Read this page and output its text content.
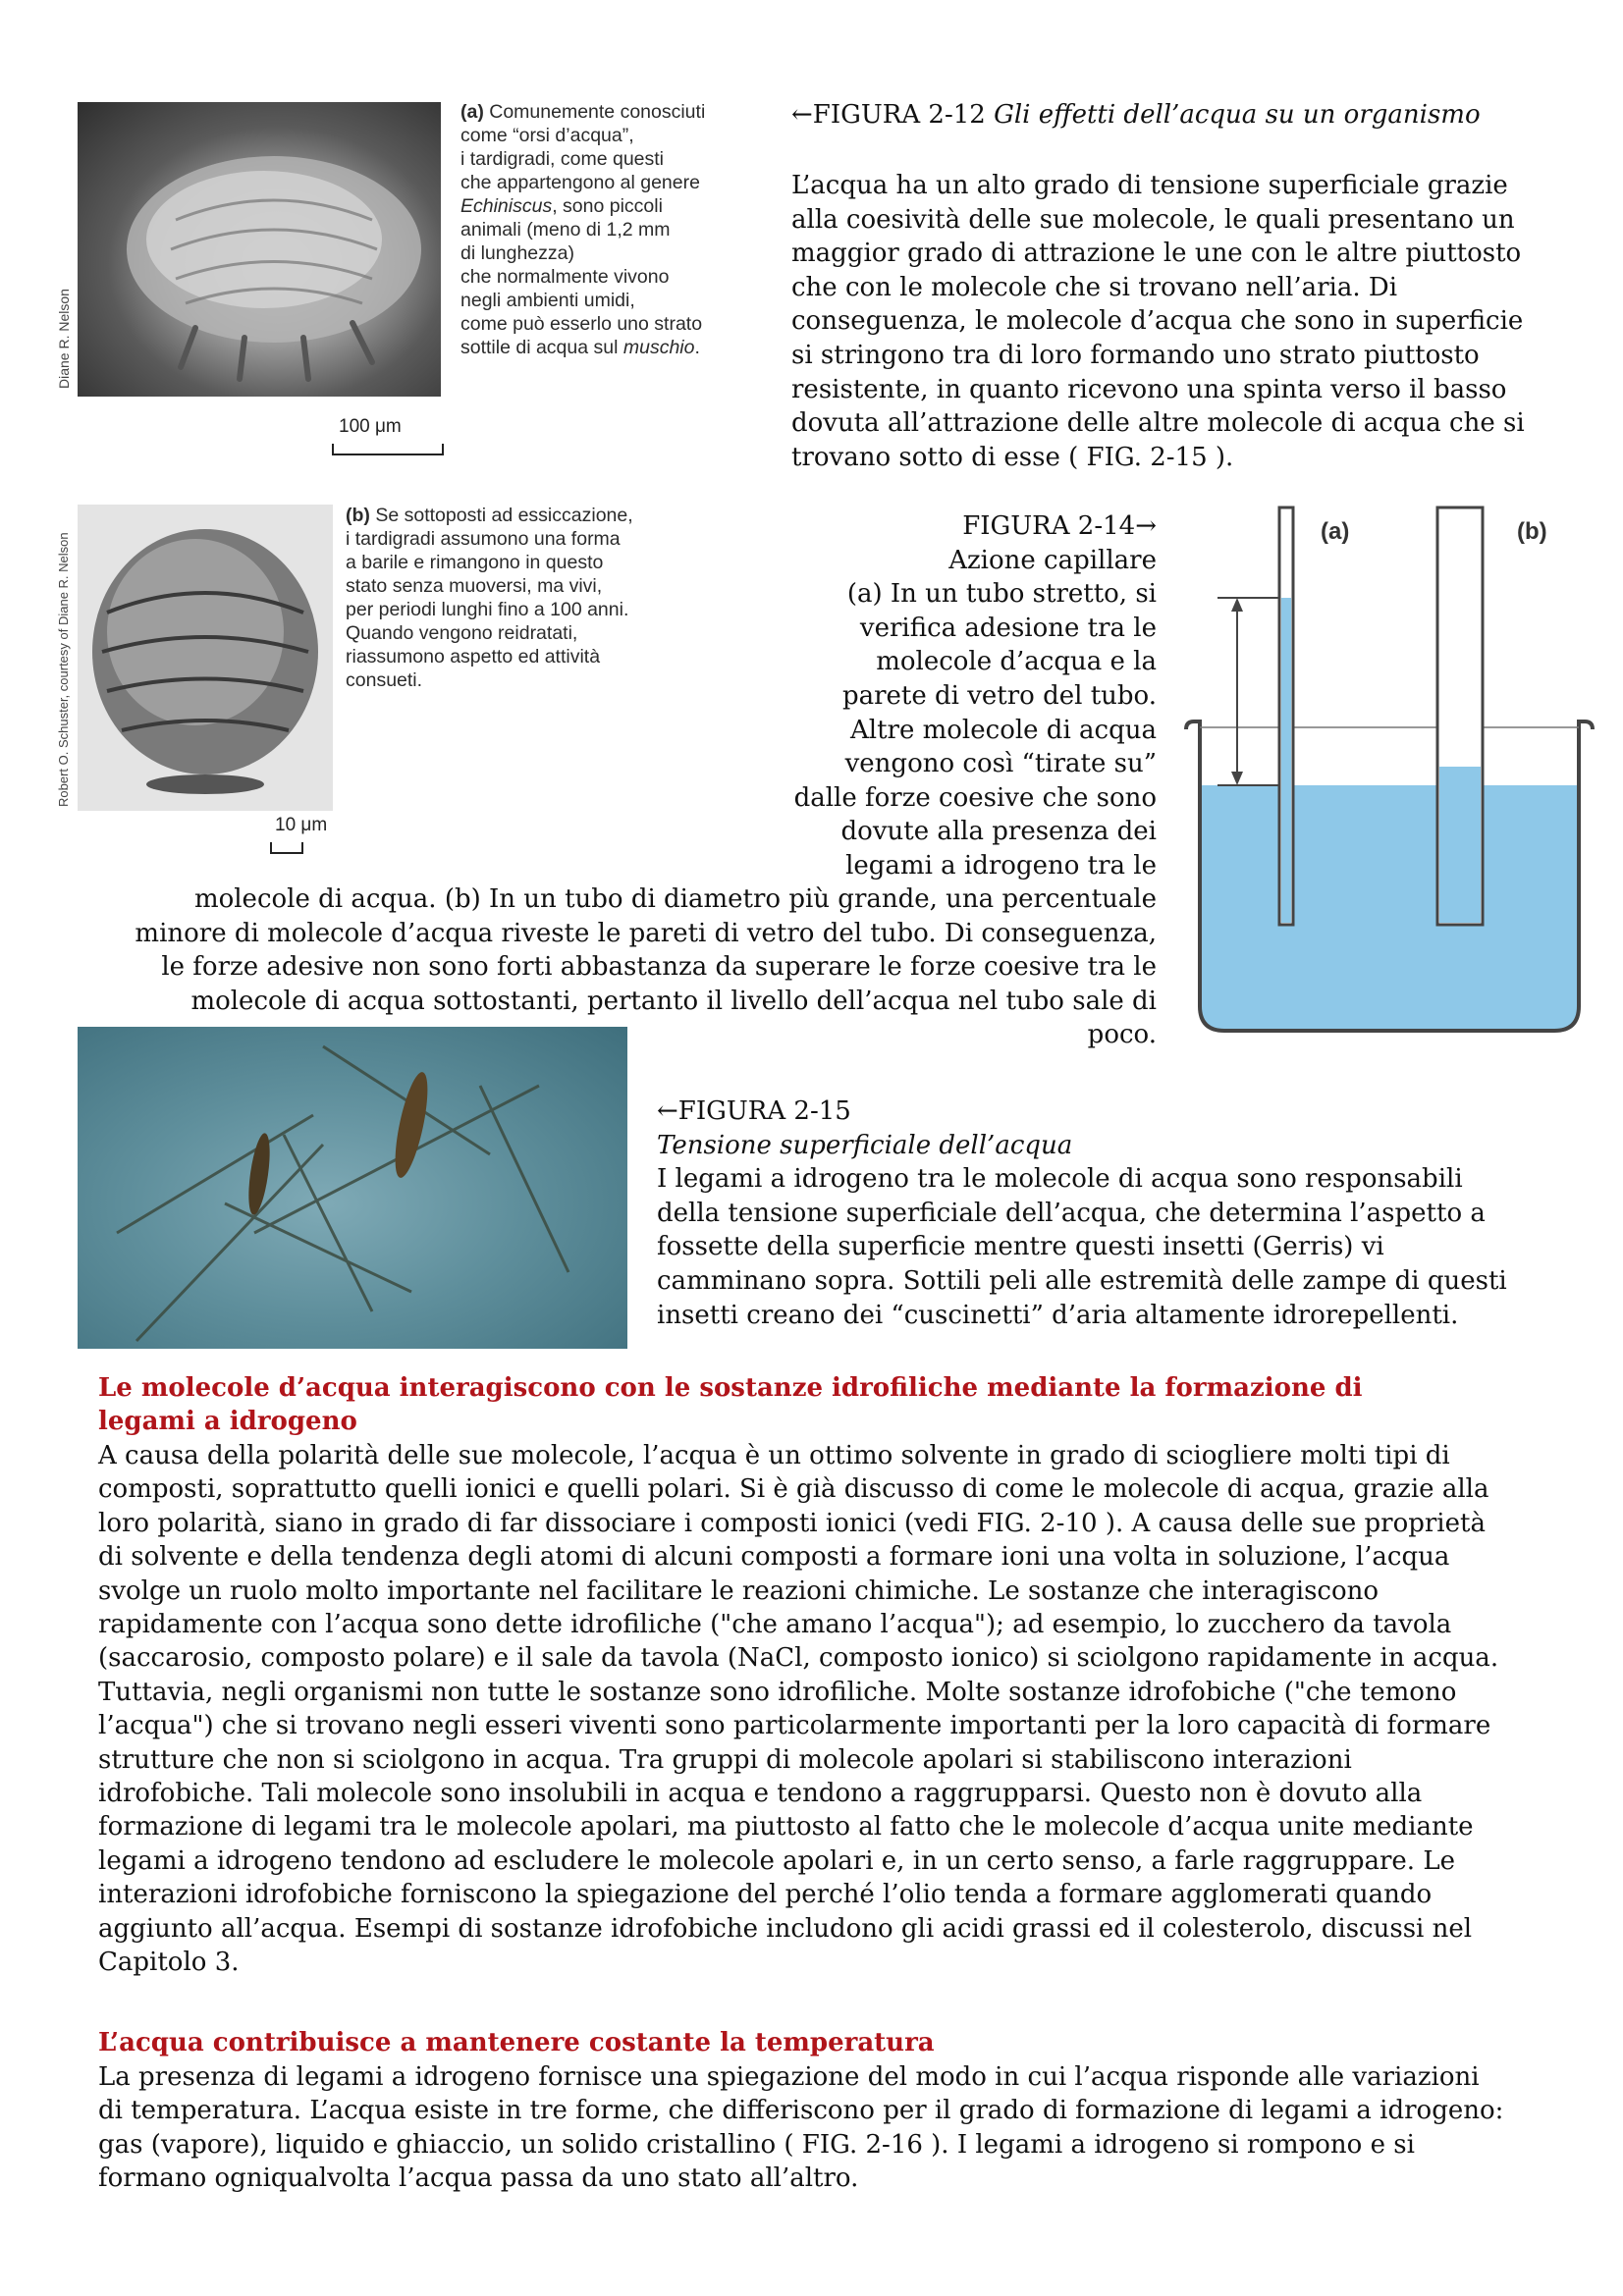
Diane R. Nelson
100 μm
(a) Comunemente conosciuti
come “orsi d’acqua”,
i tardigradi, come questi
che appartengono al genere
Echiniscus, sono piccoli
animali (meno di 1,2 mm
di lunghezza)
che normalmente vivono
negli ambienti umidi,
come può esserlo uno strato
sottile di acqua sul muschio.
Robert O. Schuster, courtesy of Diane R. Nelson
10 μm
(b) Se sottoposti ad essiccazione,
i tardigradi assumono una forma
a barile e rimangono in questo
stato senza muoversi, ma vivi,
per periodi lunghi fino a 100 anni.
Quando vengono reidratati,
riassumono aspetto ed attività
consueti.
←FIGURA 2-12 Gli effetti dell’acqua su un organismo
L’acqua ha un alto grado di tensione superficiale grazie
alla coesività delle sue molecole, le quali presentano un
maggior grado di attrazione le une con le altre piuttosto
che con le molecole che si trovano nell’aria. Di
conseguenza, le molecole d’acqua che sono in superficie
si stringono tra di loro formando uno strato piuttosto
resistente, in quanto ricevono una spinta verso il basso
dovuta all’attrazione delle altre molecole di acqua che si
trovano sotto di esse ( FIG. 2-15 ).
FIGURA 2-14→
Azione capillare
(a) In un tubo stretto, si
verifica adesione tra le
molecole d’acqua e la
parete di vetro del tubo.
Altre molecole di acqua
vengono così “tirate su”
dalle forze coesive che sono
dovute alla presenza dei
legami a idrogeno tra le
molecole di acqua. (b) In un tubo di diametro più grande, una percentuale
minore di molecole d’acqua riveste le pareti di vetro del tubo. Di conseguenza,
le forze adesive non sono forti abbastanza da superare le forze coesive tra le
molecole di acqua sottostanti, pertanto il livello dell’acqua nel tubo sale di
poco.
(a)	(b)
←FIGURA 2-15
Tensione superficiale dell’acqua
I legami a idrogeno tra le molecole di acqua sono responsabili
della tensione superficiale dell’acqua, che determina l’aspetto a
fossette della superficie mentre questi insetti (Gerris) vi
camminano sopra. Sottili peli alle estremità delle zampe di questi
insetti creano dei “cuscinetti” d’aria altamente idrorepellenti.
Le molecole d’acqua interagiscono con le sostanze idrofiliche mediante la formazione di
legami a idrogeno
A causa della polarità delle sue molecole, l’acqua è un ottimo solvente in grado di sciogliere molti tipi di
composti, soprattutto quelli ionici e quelli polari. Si è già discusso di come le molecole di acqua, grazie alla
loro polarità, siano in grado di far dissociare i composti ionici (vedi FIG. 2-10 ). A causa delle sue proprietà
di solvente e della tendenza degli atomi di alcuni composti a formare ioni una volta in soluzione, l’acqua
svolge un ruolo molto importante nel facilitare le reazioni chimiche. Le sostanze che interagiscono
rapidamente con l’acqua sono dette idrofiliche ("che amano l’acqua"); ad esempio, lo zucchero da tavola
(saccarosio, composto polare) e il sale da tavola (NaCl, composto ionico) si sciolgono rapidamente in acqua.
Tuttavia, negli organismi non tutte le sostanze sono idrofiliche. Molte sostanze idrofobiche ("che temono
l’acqua") che si trovano negli esseri viventi sono particolarmente importanti per la loro capacità di formare
strutture che non si sciolgono in acqua. Tra gruppi di molecole apolari si stabiliscono interazioni
idrofobiche. Tali molecole sono insolubili in acqua e tendono a raggrupparsi. Questo non è dovuto alla
formazione di legami tra le molecole apolari, ma piuttosto al fatto che le molecole d’acqua unite mediante
legami a idrogeno tendono ad escludere le molecole apolari e, in un certo senso, a farle raggruppare. Le
interazioni idrofobiche forniscono la spiegazione del perché l’olio tenda a formare agglomerati quando
aggiunto all’acqua. Esempi di sostanze idrofobiche includono gli acidi grassi ed il colesterolo, discussi nel
Capitolo 3.
L’acqua contribuisce a mantenere costante la temperatura
La presenza di legami a idrogeno fornisce una spiegazione del modo in cui l’acqua risponde alle variazioni
di temperatura. L’acqua esiste in tre forme, che differiscono per il grado di formazione di legami a idrogeno:
gas (vapore), liquido e ghiaccio, un solido cristallino ( FIG. 2-16 ). I legami a idrogeno si rompono e si
formano ogniqualvolta l’acqua passa da uno stato all’altro.
